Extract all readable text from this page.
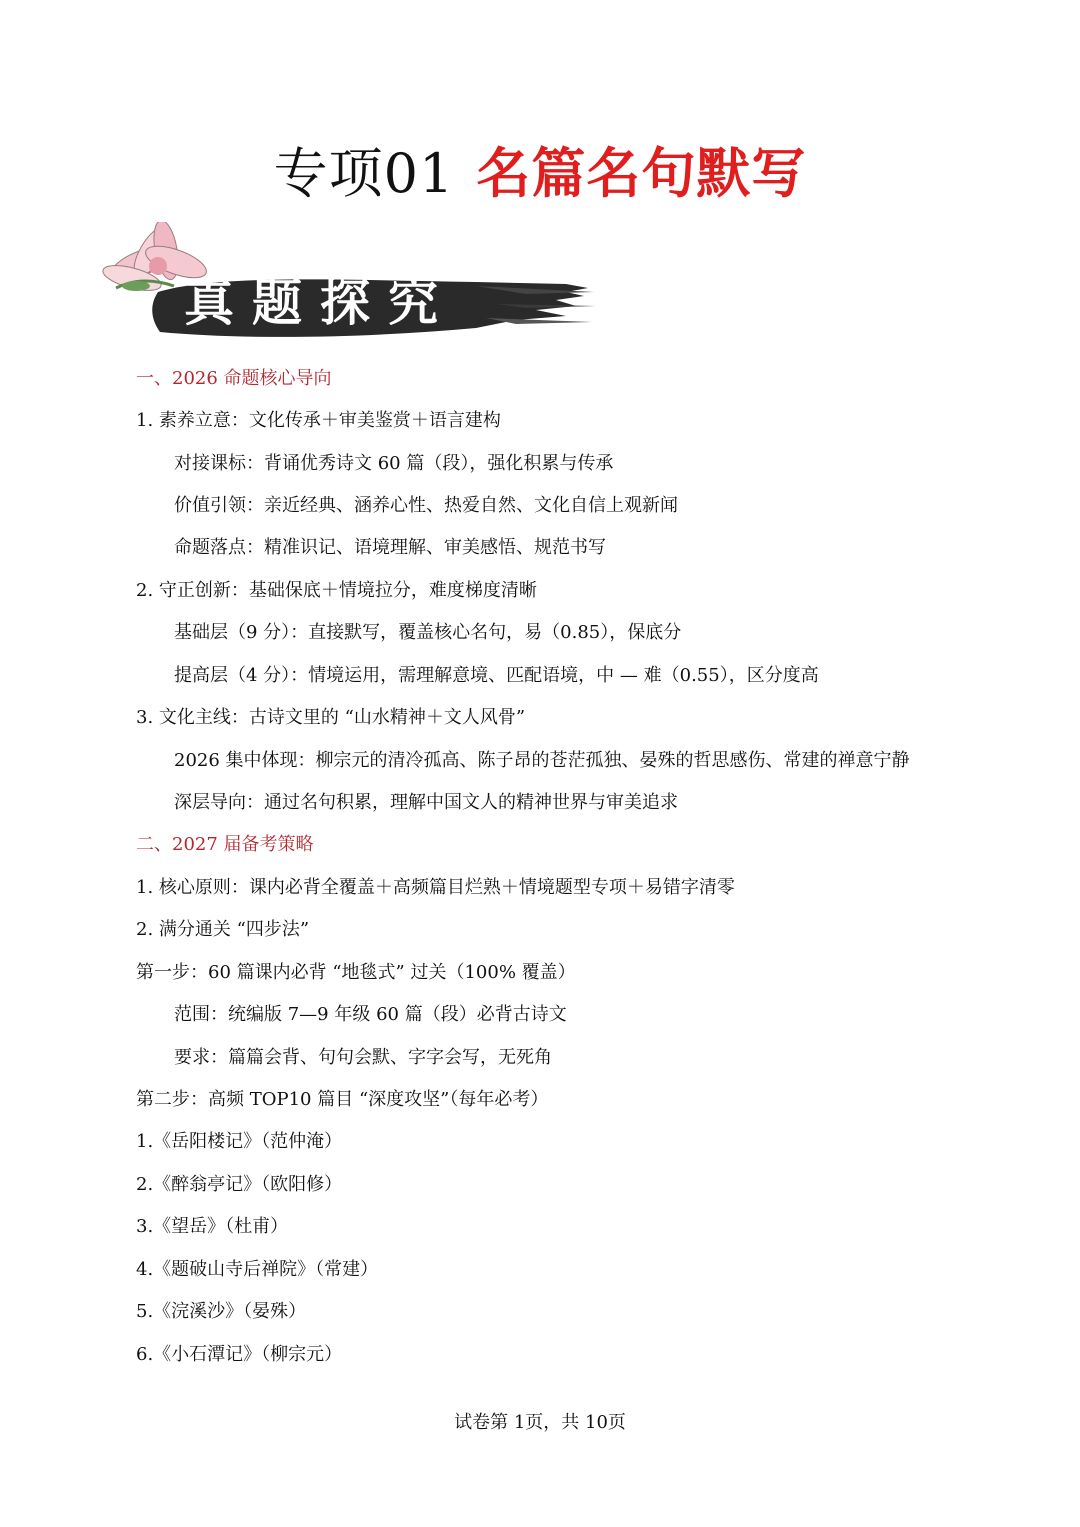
专项01 名篇名句默写
真题探究
一、2026 命题核心导向
1. 素养立意：文化传承＋审美鉴赏＋语言建构
对接课标：背诵优秀诗文 60 篇（段），强化积累与传承
价值引领：亲近经典、涵养心性、热爱自然、文化自信上观新闻
命题落点：精准识记、语境理解、审美感悟、规范书写
2. 守正创新：基础保底＋情境拉分，难度梯度清晰
基础层（9 分）：直接默写，覆盖核心名句，易（0.85），保底分
提高层（4 分）：情境运用，需理解意境、匹配语境，中 — 难（0.55），区分度高
3. 文化主线：古诗文里的 “山水精神＋文人风骨”
2026 集中体现：柳宗元的清冷孤高、陈子昂的苍茫孤独、晏殊的哲思感伤、常建的禅意宁静
深层导向：通过名句积累，理解中国文人的精神世界与审美追求
二、2027 届备考策略
1. 核心原则：课内必背全覆盖＋高频篇目烂熟＋情境题型专项＋易错字清零
2. 满分通关 “四步法”
第一步：60 篇课内必背 “地毯式” 过关（100% 覆盖）
范围：统编版 7—9 年级 60 篇（段）必背古诗文
要求：篇篇会背、句句会默、字字会写，无死角
第二步：高频 TOP10 篇目 “深度攻坚”（每年必考）
1.《岳阳楼记》（范仲淹）
2.《醉翁亭记》（欧阳修）
3.《望岳》（杜甫）
4.《题破山寺后禅院》（常建）
5.《浣溪沙》（晏殊）
6.《小石潭记》（柳宗元）
试卷第 1页，共 10页
